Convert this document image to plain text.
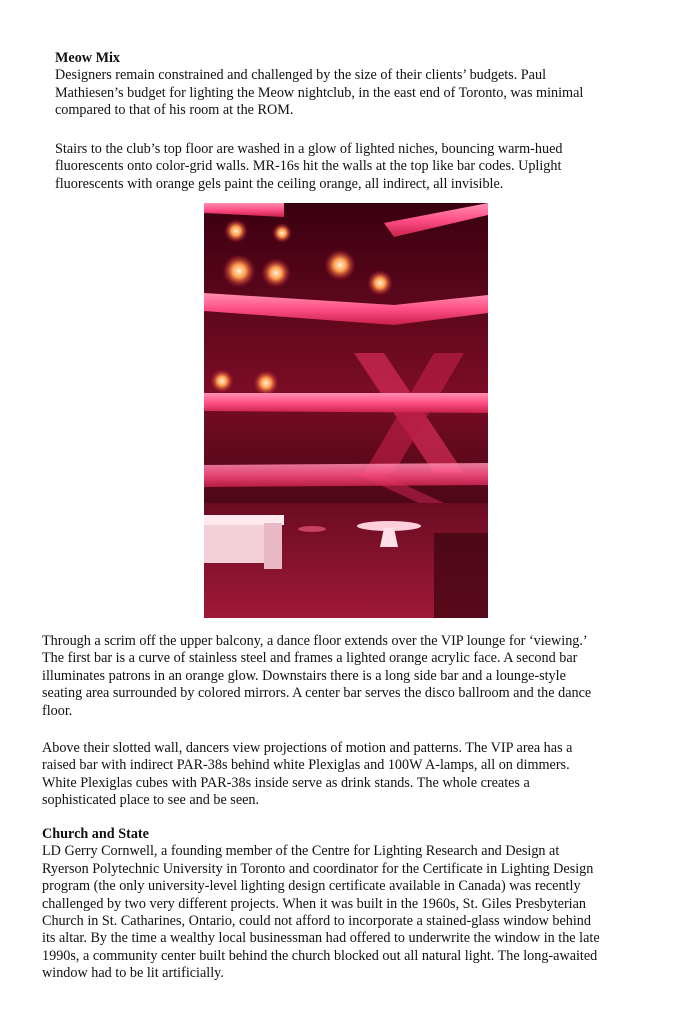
Meow Mix

Designers remain constrained and challenged by the size of their clients’ budgets. Paul

Mathiesen’s budget for lighting the Meow nightclub, in the east end of Toronto, was minimal

compared to that of his room at the ROM.

Stairs to the club’s top floor are washed in a glow of lighted niches, bouncing warm-hued

fluorescents onto color-grid walls. MR-16s hit the walls at the top like bar codes. Uplight

fluorescents with orange gels paint the ceiling orange, all indirect, all invisible.

Through a scrim off the upper balcony, a dance floor extends over the VIP lounge for ‘viewing.’

The first bar is a curve of stainless steel and frames a lighted orange acrylic face. A second bar

illuminates patrons in an orange glow. Downstairs there is a long side bar and a lounge-style

seating area surrounded by colored mirrors. A center bar serves the disco ballroom and the dance

floor.

Above their slotted wall, dancers view projections of motion and patterns. The VIP area has a

raised bar with indirect PAR-38s behind white Plexiglas and 100W A-lamps, all on dimmers.

White Plexiglas cubes with PAR-38s inside serve as drink stands. The whole creates a

sophisticated place to see and be seen.

Church and State

LD Gerry Cornwell, a founding member of the Centre for Lighting Research and Design at

Ryerson Polytechnic University in Toronto and coordinator for the Certificate in Lighting Design

program (the only university-level lighting design certificate available in Canada) was recently

challenged by two very different projects. When it was built in the 1960s, St. Giles Presbyterian

Church in St. Catharines, Ontario, could not afford to incorporate a stained-glass window behind

its altar. By the time a wealthy local businessman had offered to underwrite the window in the late

1990s, a community center built behind the church blocked out all natural light. The long-awaited

window had to be lit artificially.
